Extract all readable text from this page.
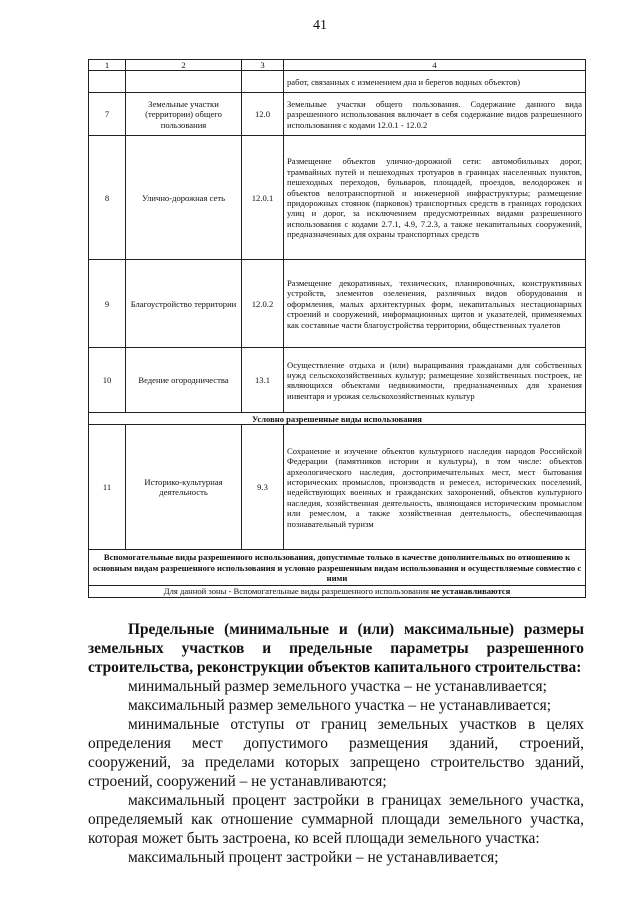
41
1	2	3	4
			работ, связанных с изменением дна и берегов водных объектов)
7	Земельные участки (территории) общего пользования	12.0	Земельные участки общего пользования. Содержание данного вида разрешенного использования включает в себя содержание видов разрешенного использования с кодами 12.0.1 - 12.0.2
8	Улично-дорожная сеть	12.0.1	Размещение объектов улично-дорожной сети: автомобильных дорог, трамвайных путей и пешеходных тротуаров в границах населенных пунктов, пешеходных переходов, бульваров, площадей, проездов, велодорожек и объектов велотранспортной и инженерной инфраструктуры; размещение придорожных стоянок (парковок) транспортных средств в границах городских улиц и дорог, за исключением предусмотренных видами разрешенного использования с кодами 2.7.1, 4.9, 7.2.3, а также некапитальных сооружений, предназначенных для охраны транспортных средств
9	Благоустройство территории	12.0.2	Размещение декоративных, технических, планировочных, конструктивных устройств, элементов озеленения, различных видов оборудования и оформления, малых архитектурных форм, некапитальных нестационарных строений и сооружений, информационных щитов и указателей, применяемых как составные части благоустройства территории, общественных туалетов
10	Ведение огородничества	13.1	Осуществление отдыха и (или) выращивания гражданами для собственных нужд сельскохозяйственных культур; размещение хозяйственных построек, не являющихся объектами недвижимости, предназначенных для хранения инвентаря и урожая сельскохозяйственных культур
Условно разрешенные виды использования			
11	Историко-культурная деятельность	9.3	Сохранение и изучение объектов культурного наследия народов Российской Федерации (памятников истории и культуры), в том числе: объектов археологического наследия, достопримечательных мест, мест бытования исторических промыслов, производств и ремесел, исторических поселений, недействующих военных и гражданских захоронений, объектов культурного наследия, хозяйственная деятельность, являющаяся историческим промыслом или ремеслом, а также хозяйственная деятельность, обеспечивающая познавательный туризм
Вспомогательные виды разрешенного использования, допустимые только в качестве дополнительных по отношению к основным видам разрешенного использования и условно разрешенным видам использования и осуществляемые совместно с ними			
Для данной зоны - Вспомогательные виды разрешенного использования не устанавливаются			

Предельные (минимальные и (или) максимальные) размеры земельных участков и предельные параметры разрешенного строительства, реконструкции объектов капитального строительства:

минимальный размер земельного участка – не устанавливается;

максимальный размер земельного участка – не устанавливается;

минимальные отступы от границ земельных участков в целях определения мест допустимого размещения зданий, строений, сооружений, за пределами которых запрещено строительство зданий, строений, сооружений – не устанавливаются;

максимальный процент застройки в границах земельного участка, определяемый как отношение суммарной площади земельного участка, которая может быть застроена, ко всей площади земельного участка:

максимальный процент застройки – не устанавливается;
